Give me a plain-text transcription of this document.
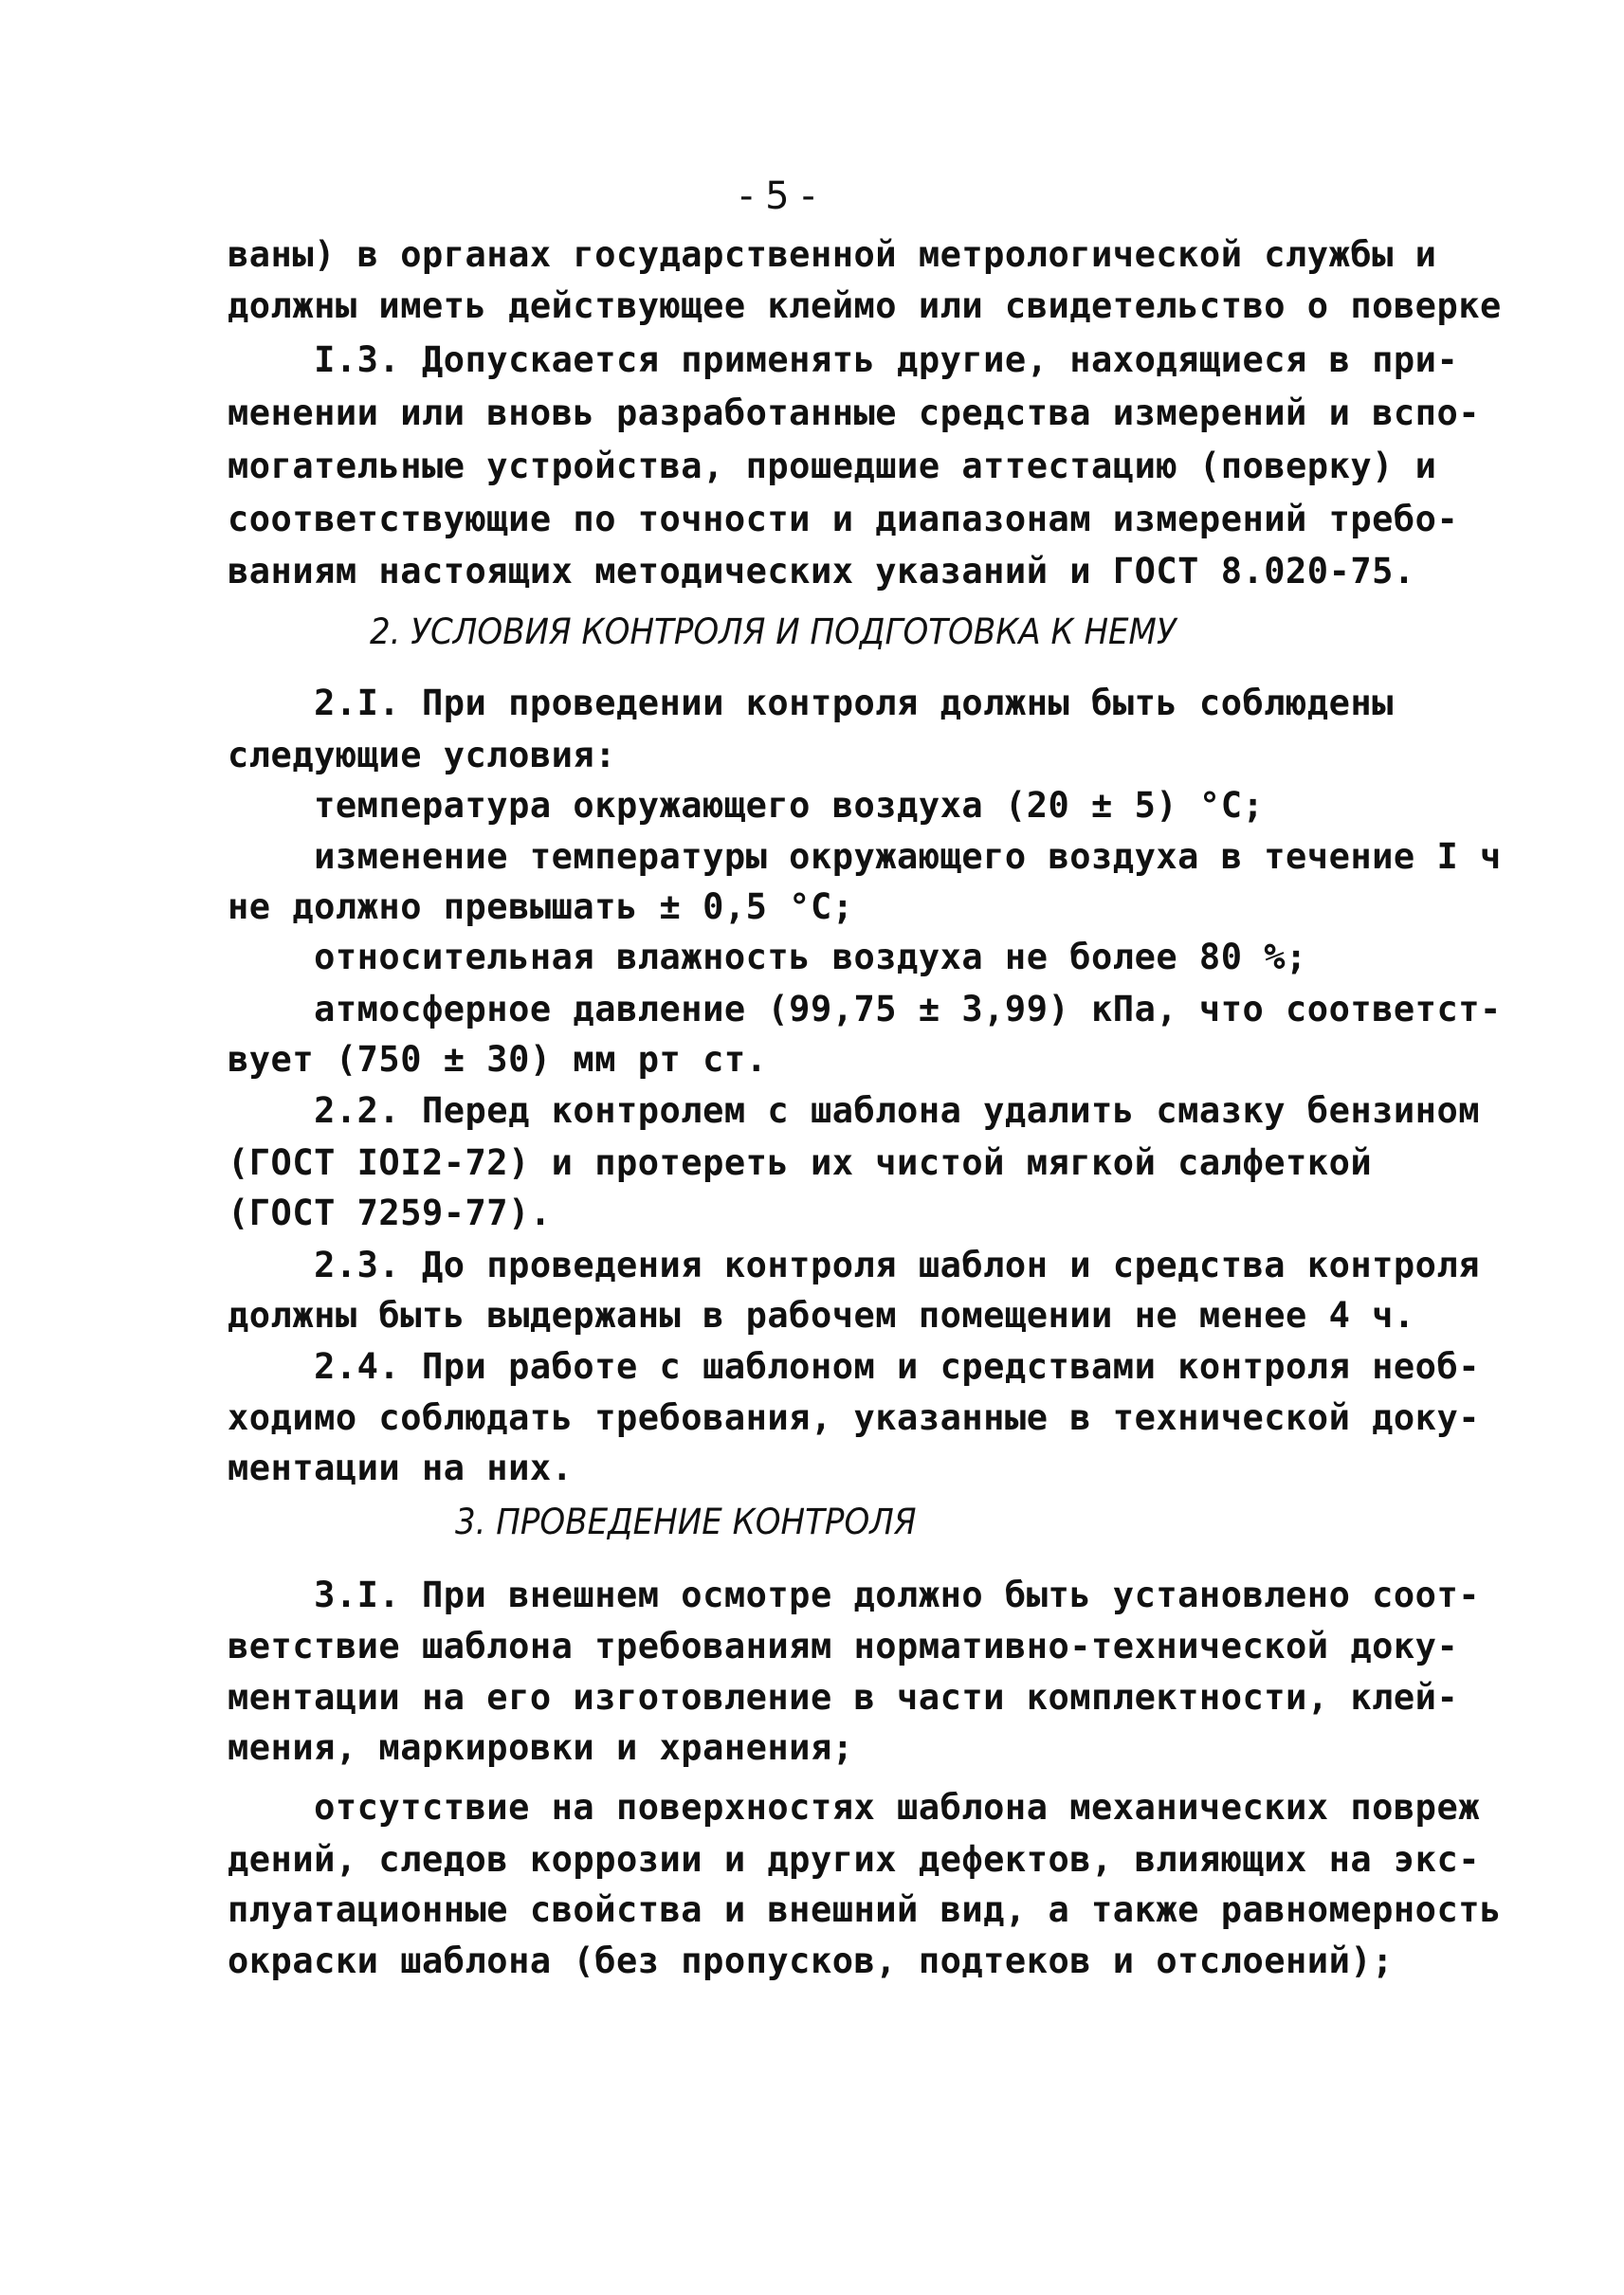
- 5 -
ваны) в органах государственной метрологической службы и
должны иметь действующее клеймо или свидетельство о поверке
I.3. Допускается применять другие, находящиеся в при-
менении или вновь разработанные средства измерений и вспо-
могательные устройства, прошедшие аттестацию (поверку) и
соответствующие по точности и диапазонам измерений требо-
ваниям настоящих методических указаний и ГОСТ 8.020-75.
2. УСЛОВИЯ КОНТРОЛЯ И ПОДГОТОВКА К НЕМУ
2.I. При проведении контроля должны быть соблюдены
следующие условия:
температура окружающего воздуха (20 ± 5) °С;
изменение температуры окружающего воздуха в течение I ч
не должно превышать ± 0,5 °С;
относительная влажность воздуха не более 80 %;
атмосферное давление (99,75 ± 3,99) кПа, что соответст-
вует (750 ± 30) мм рт ст.
2.2. Перед контролем с шаблона удалить смазку бензином
(ГОСТ IOI2-72) и протереть их чистой мягкой салфеткой
(ГОСТ 7259-77).
2.3. До проведения контроля шаблон и средства контроля
должны быть выдержаны в рабочем помещении не менее 4 ч.
2.4. При работе с шаблоном и средствами контроля необ-
ходимо соблюдать требования, указанные в технической доку-
ментации на них.
3. ПРОВЕДЕНИЕ КОНТРОЛЯ
3.I. При внешнем осмотре должно быть установлено соот-
ветствие шаблона требованиям нормативно-технической доку-
ментации на его изготовление в части комплектности, клей-
мения, маркировки и хранения;
отсутствие на поверхностях шаблона механических повреж
дений, следов коррозии и других дефектов, влияющих на экс-
плуатационные свойства и внешний вид, а также равномерность
окраски шаблона (без пропусков, подтеков и отслоений);
